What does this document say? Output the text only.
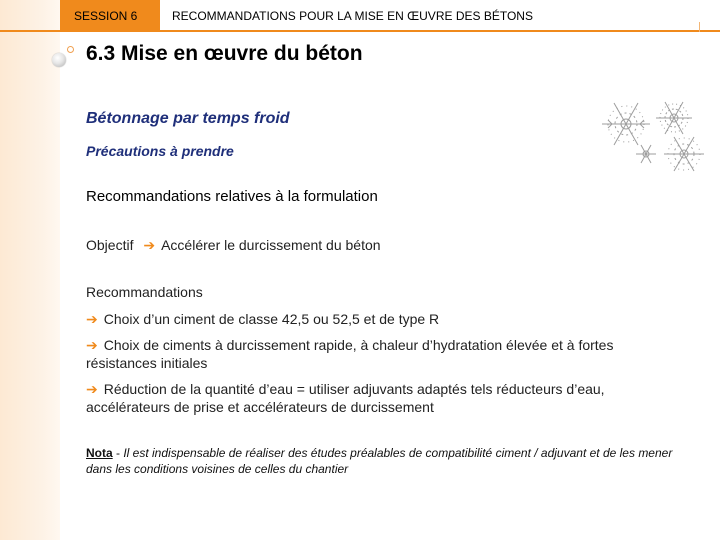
SESSION 6	RECOMMANDATIONS POUR LA MISE EN ŒUVRE DES BÉTONS
6.3 Mise en œuvre du béton
Bétonnage par temps froid
Précautions à prendre
Recommandations relatives à la formulation
Objectif ➔ Accélérer le durcissement du béton
Recommandations
➔ Choix d’un ciment de classe 42,5 ou 52,5 et de type R
➔ Choix de ciments à durcissement rapide, à chaleur d’hydratation élevée et à fortes résistances initiales
➔ Réduction de la quantité d’eau = utiliser adjuvants adaptés tels réducteurs d’eau, accélérateurs de prise et accélérateurs de durcissement
Nota - Il est indispensable de réaliser des études préalables de compatibilité ciment / adjuvant et de les mener dans les conditions voisines de celles du chantier
